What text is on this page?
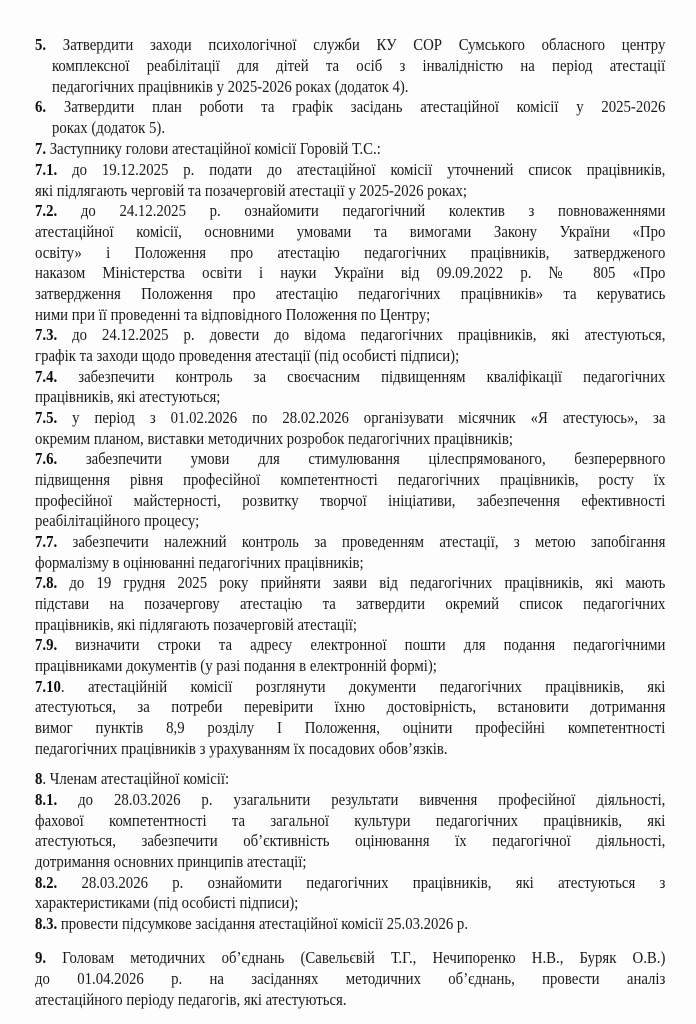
5. Затвердити заходи психологічної служби КУ СОР Сумського обласного центру
комплексної реабілітації для дітей та осіб з інвалідністю на період атестації
педагогічних працівників у 2025-2026 роках (додаток 4).
6. Затвердити план роботи та графік засідань атестаційної комісії у 2025-2026
роках (додаток 5).
7. Заступнику голови атестаційної комісії Горовій Т.С.:
7.1. до 19.12.2025 р. подати до атестаційної комісії уточнений список працівників,
які підлягають черговій та позачерговій атестації у 2025-2026 роках;
7.2. до 24.12.2025 р. ознайомити педагогічний колектив з повноваженнями
атестаційної комісії, основними умовами та вимогами Закону України «Про
освіту» і Положення про атестацію педагогічних працівників, затвердженого
наказом Міністерства освіти і науки України від 09.09.2022 р. № 805 «Про
затвердження Положення про атестацію педагогічних працівників» та керуватись
ними при її проведенні та відповідного Положення по Центру;
7.3. до 24.12.2025 р. довести до відома педагогічних працівників, які атестуються,
графік та заходи щодо проведення атестації (під особисті підписи);
7.4. забезпечити контроль за своєчасним підвищенням кваліфікації педагогічних
працівників, які атестуються;
7.5. у період з 01.02.2026 по 28.02.2026 організувати місячник «Я атестуюсь», за
окремим планом, виставки методичних розробок педагогічних працівників;
7.6. забезпечити умови для стимулювання цілеспрямованого, безперервного
підвищення рівня професійної компетентності педагогічних працівників, росту їх
професійної майстерності, розвитку творчої ініціативи, забезпечення ефективності
реабілітаційного процесу;
7.7. забезпечити належний контроль за проведенням атестації, з метою запобігання
формалізму в оцінюванні педагогічних працівників;
7.8. до 19 грудня 2025 року прийняти заяви від педагогічних працівників, які мають
підстави на позачергову атестацію та затвердити окремий список педагогічних
працівників, які підлягають позачерговій атестації;
7.9. визначити строки та адресу електронної пошти для подання педагогічними
працівниками документів (у разі подання в електронній формі);
7.10. атестаційній комісії розглянути документи педагогічних працівників, які
атестуються, за потреби перевірити їхню достовірність, встановити дотримання
вимог пунктів 8,9 розділу І Положення, оцінити професійні компетентності
педагогічних працівників з урахуванням їх посадових обов’язків.
8. Членам атестаційної комісії:
8.1. до 28.03.2026 р. узагальнити результати вивчення професійної діяльності,
фахової компетентності та загальної культури педагогічних працівників, які
атестуються, забезпечити об’єктивність оцінювання їх педагогічної діяльності,
дотримання основних принципів атестації;
8.2. 28.03.2026 р. ознайомити педагогічних працівників, які атестуються з
характеристиками (під особисті підписи);
8.3. провести підсумкове засідання атестаційної комісії 25.03.2026 р.
9. Головам методичних об’єднань (Савельєвій Т.Г., Нечипоренко Н.В., Буряк О.В.)
до 01.04.2026 р. на засіданнях методичних об’єднань, провести аналіз
атестаційного періоду педагогів, які атестуються.
